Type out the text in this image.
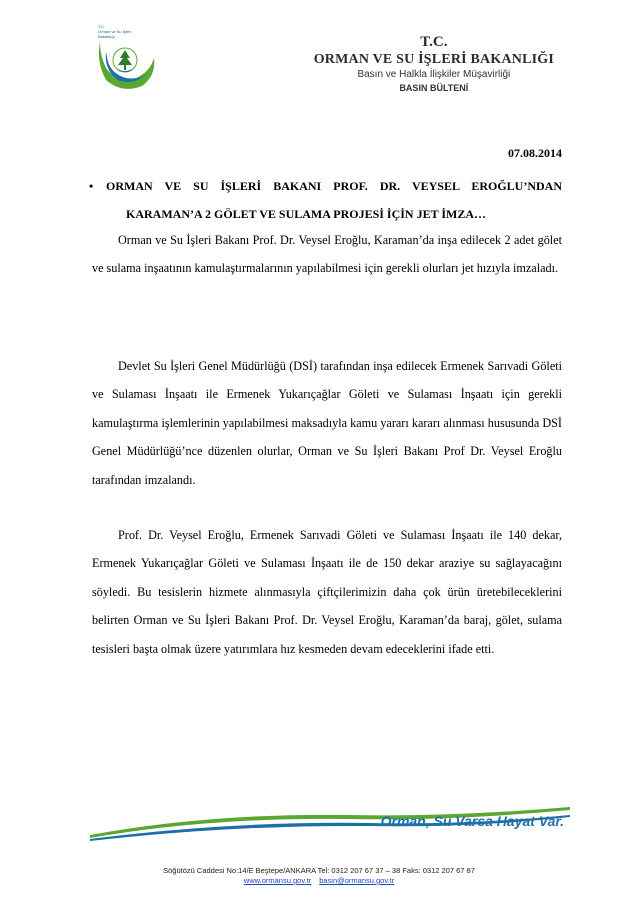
T.C.
Orman ve Su İşleri
Bakanlığı	T.C.
ORMAN VE SU İŞLERİ BAKANLIĞI
Basın ve Halkla İlişkiler Müşavirliği
BASIN BÜLTENİ
07.08.2014
• ORMAN VE SU İŞLERİ BAKANI PROF. DR. VEYSEL EROĞLU’NDAN
KARAMAN’A 2 GÖLET VE SULAMA PROJESİ İÇİN JET İMZA…

Orman ve Su İşleri Bakanı Prof. Dr. Veysel Eroğlu, Karaman’da inşa edilecek 2 adet gölet ve sulama inşaatının kamulaştırmalarının yapılabilmesi için gerekli olurları jet hızıyla imzaladı.

Devlet Su İşleri Genel Müdürlüğü (DSİ) tarafından inşa edilecek Ermenek Sarıvadi Göleti ve Sulaması İnşaatı ile Ermenek Yukarıçağlar Göleti ve Sulaması İnşaatı için gerekli kamulaştırma işlemlerinin yapılabilmesi maksadıyla kamu yararı kararı alınması hususunda DSİ Genel Müdürlüğü’nce düzenlen olurlar, Orman ve Su İşleri Bakanı Prof Dr. Veysel Eroğlu tarafından imzalandı.

Prof. Dr. Veysel Eroğlu, Ermenek Sarıvadi Göleti ve Sulaması İnşaatı ile 140 dekar, Ermenek Yukarıçağlar Göleti ve Sulaması İnşaatı ile de 150 dekar araziye su sağlayacağını söyledi. Bu tesislerin hizmete alınmasıyla çiftçilerimizin daha çok ürün üretebileceklerini belirten Orman ve Su İşleri Bakanı Prof. Dr. Veysel Eroğlu, Karaman’da baraj, gölet, sulama tesisleri başta olmak üzere yatırımlara hız kesmeden devam edeceklerini ifade etti.

Orman, Su Varsa Hayat Var.
Söğütözü Caddesi No:14/E Beştepe/ANKARA Tel: 0312 207 67 37 – 38 Faks: 0312 207 67 87
www.ormansu.gov.tr basin@ormansu.gov.tr
